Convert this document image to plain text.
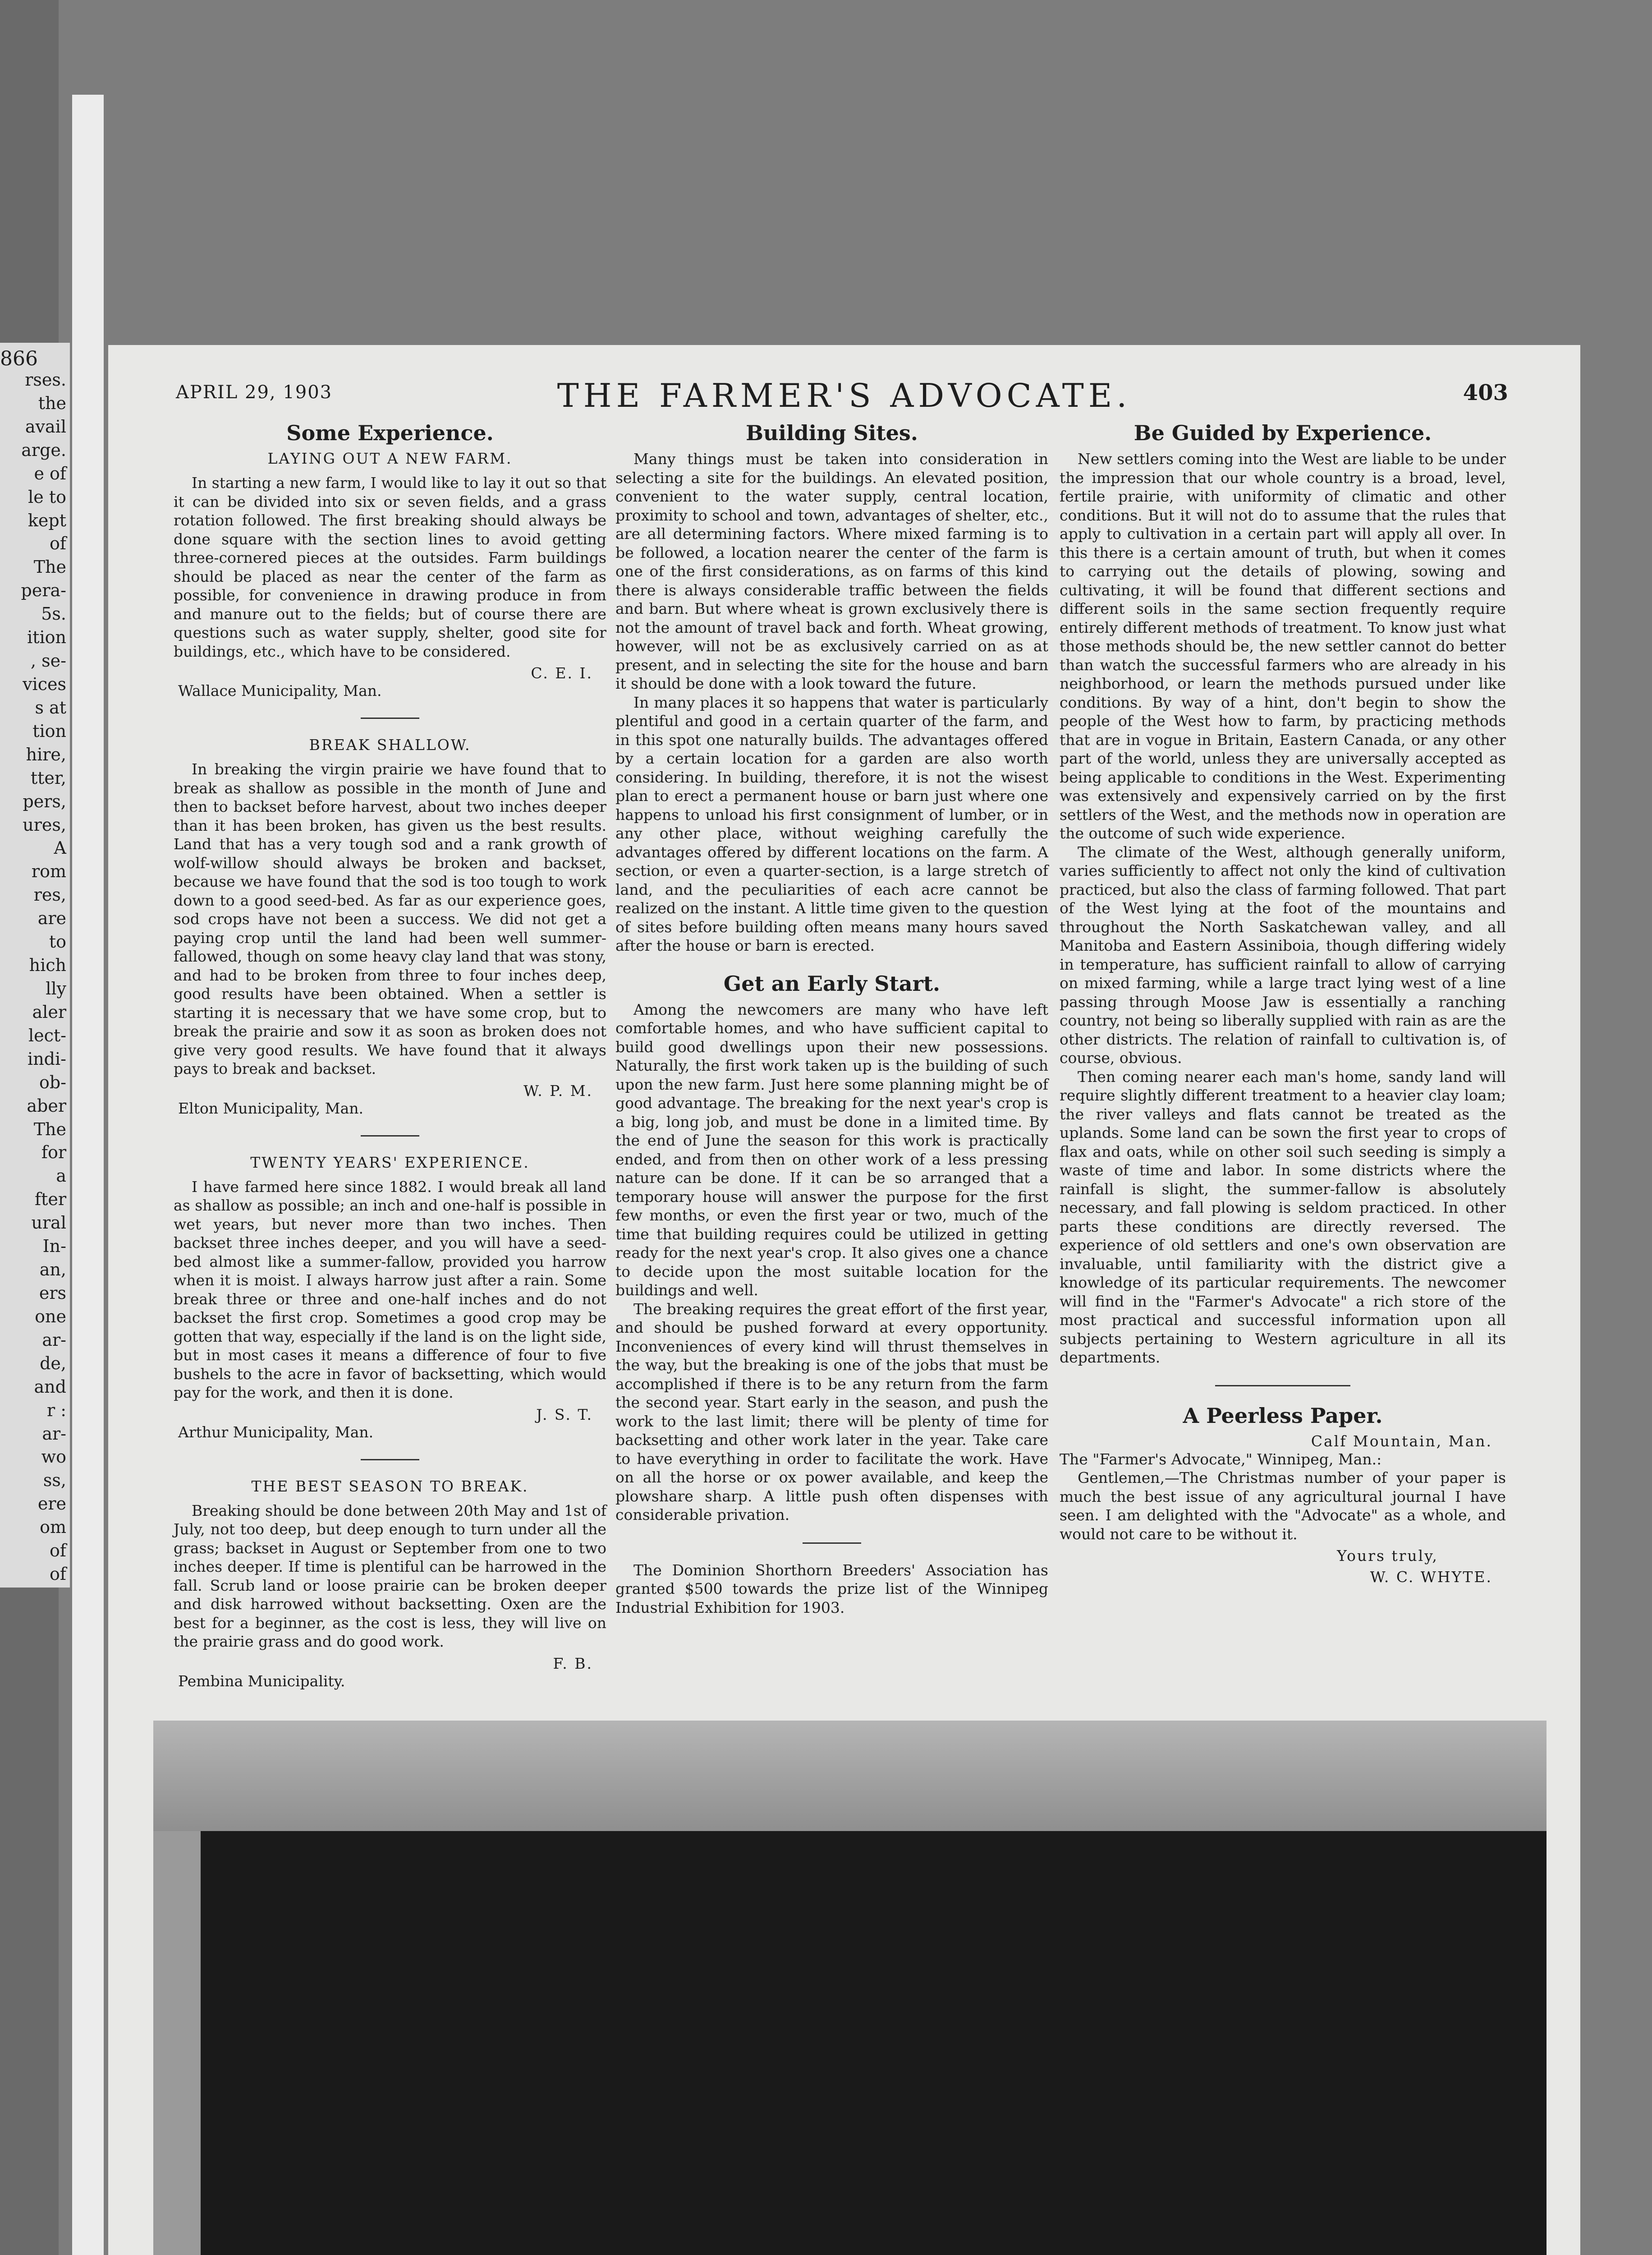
866
rses.
the
avail
arge.
e of
le to
kept
of
The
pera-
5s.
ition
, se-
vices
s at
tion
hire,
tter,
pers,
ures,
A
rom
res,
are
to
hich
lly
aler
lect-
indi-
ob-
aber
The
for
a
fter
ural
In-
an,
ers
one
ar-
de,
and
r :
ar-
wo
ss,
ere
om
of
of
APRIL 29, 1903	THE FARMER'S ADVOCATE.	403
Some Experience.
LAYING OUT A NEW FARM.

In starting a new farm, I would like to lay it out so that it can be divided into six or seven fields, and a grass rotation followed. The first breaking should always be done square with the section lines to avoid getting three-cornered pieces at the outsides. Farm buildings should be placed as near the center of the farm as possible, for convenience in drawing produce in from and manure out to the fields; but of course there are questions such as water supply, shelter, good site for buildings, etc., which have to be considered.

C. E. I.
Wallace Municipality, Man.
BREAK SHALLOW.

In breaking the virgin prairie we have found that to break as shallow as possible in the month of June and then to backset before harvest, about two inches deeper than it has been broken, has given us the best results. Land that has a very tough sod and a rank growth of wolf-willow should always be broken and backset, because we have found that the sod is too tough to work down to a good seed-bed. As far as our experience goes, sod crops have not been a success. We did not get a paying crop until the land had been well summer-fallowed, though on some heavy clay land that was stony, and had to be broken from three to four inches deep, good results have been obtained. When a settler is starting it is necessary that we have some crop, but to break the prairie and sow it as soon as broken does not give very good results. We have found that it always pays to break and backset.

W. P. M.
Elton Municipality, Man.
TWENTY YEARS' EXPERIENCE.

I have farmed here since 1882. I would break all land as shallow as possible; an inch and one-half is possible in wet years, but never more than two inches. Then backset three inches deeper, and you will have a seed-bed almost like a summer-fallow, provided you harrow when it is moist. I always harrow just after a rain. Some break three or three and one-half inches and do not backset the first crop. Sometimes a good crop may be gotten that way, especially if the land is on the light side, but in most cases it means a difference of four to five bushels to the acre in favor of backsetting, which would pay for the work, and then it is done.

J. S. T.
Arthur Municipality, Man.
THE BEST SEASON TO BREAK.

Breaking should be done between 20th May and 1st of July, not too deep, but deep enough to turn under all the grass; backset in August or September from one to two inches deeper. If time is plentiful can be harrowed in the fall. Scrub land or loose prairie can be broken deeper and disk harrowed without backsetting. Oxen are the best for a beginner, as the cost is less, they will live on the prairie grass and do good work.

F. B.
Pembina Municipality.
Building Sites.

Many things must be taken into consideration in selecting a site for the buildings. An elevated position, convenient to the water supply, central location, proximity to school and town, advantages of shelter, etc., are all determining factors. Where mixed farming is to be followed, a location nearer the center of the farm is one of the first considerations, as on farms of this kind there is always considerable traffic between the fields and barn. But where wheat is grown exclusively there is not the amount of travel back and forth. Wheat growing, however, will not be as exclusively carried on as at present, and in selecting the site for the house and barn it should be done with a look toward the future.

In many places it so happens that water is particularly plentiful and good in a certain quarter of the farm, and in this spot one naturally builds. The advantages offered by a certain location for a garden are also worth considering. In building, therefore, it is not the wisest plan to erect a permanent house or barn just where one happens to unload his first consignment of lumber, or in any other place, without weighing carefully the advantages offered by different locations on the farm. A section, or even a quarter-section, is a large stretch of land, and the peculiarities of each acre cannot be realized on the instant. A little time given to the question of sites before building often means many hours saved after the house or barn is erected.

Get an Early Start.

Among the newcomers are many who have left comfortable homes, and who have sufficient capital to build good dwellings upon their new possessions. Naturally, the first work taken up is the building of such upon the new farm. Just here some planning might be of good advantage. The breaking for the next year's crop is a big, long job, and must be done in a limited time. By the end of June the season for this work is practically ended, and from then on other work of a less pressing nature can be done. If it can be so arranged that a temporary house will answer the purpose for the first few months, or even the first year or two, much of the time that building requires could be utilized in getting ready for the next year's crop. It also gives one a chance to decide upon the most suitable location for the buildings and well.

The breaking requires the great effort of the first year, and should be pushed forward at every opportunity. Inconveniences of every kind will thrust themselves in the way, but the breaking is one of the jobs that must be accomplished if there is to be any return from the farm the second year. Start early in the season, and push the work to the last limit; there will be plenty of time for backsetting and other work later in the year. Take care to have everything in order to facilitate the work. Have on all the horse or ox power available, and keep the plowshare sharp. A little push often dispenses with considerable privation.

The Dominion Shorthorn Breeders' Association has granted $500 towards the prize list of the Winnipeg Industrial Exhibition for 1903.

Be Guided by Experience.

New settlers coming into the West are liable to be under the impression that our whole country is a broad, level, fertile prairie, with uniformity of climatic and other conditions. But it will not do to assume that the rules that apply to cultivation in a certain part will apply all over. In this there is a certain amount of truth, but when it comes to carrying out the details of plowing, sowing and cultivating, it will be found that different sections and different soils in the same section frequently require entirely different methods of treatment. To know just what those methods should be, the new settler cannot do better than watch the successful farmers who are already in his neighborhood, or learn the methods pursued under like conditions. By way of a hint, don't begin to show the people of the West how to farm, by practicing methods that are in vogue in Britain, Eastern Canada, or any other part of the world, unless they are universally accepted as being applicable to conditions in the West. Experimenting was extensively and expensively carried on by the first settlers of the West, and the methods now in operation are the outcome of such wide experience.

The climate of the West, although generally uniform, varies sufficiently to affect not only the kind of cultivation practiced, but also the class of farming followed. That part of the West lying at the foot of the mountains and throughout the North Saskatchewan valley, and all Manitoba and Eastern Assiniboia, though differing widely in temperature, has sufficient rainfall to allow of carrying on mixed farming, while a large tract lying west of a line passing through Moose Jaw is essentially a ranching country, not being so liberally supplied with rain as are the other districts. The relation of rainfall to cultivation is, of course, obvious.

Then coming nearer each man's home, sandy land will require slightly different treatment to a heavier clay loam; the river valleys and flats cannot be treated as the uplands. Some land can be sown the first year to crops of flax and oats, while on other soil such seeding is simply a waste of time and labor. In some districts where the rainfall is slight, the summer-fallow is absolutely necessary, and fall plowing is seldom practiced. In other parts these conditions are directly reversed. The experience of old settlers and one's own observation are invaluable, until familiarity with the district give a knowledge of its particular requirements. The newcomer will find in the "Farmer's Advocate" a rich store of the most practical and successful information upon all subjects pertaining to Western agriculture in all its departments.

A Peerless Paper.
Calf Mountain, Man.
The "Farmer's Advocate," Winnipeg, Man.:

Gentlemen,—The Christmas number of your paper is much the best issue of any agricultural journal I have seen. I am delighted with the "Advocate" as a whole, and would not care to be without it.

Yours truly,
W. C. WHYTE.
